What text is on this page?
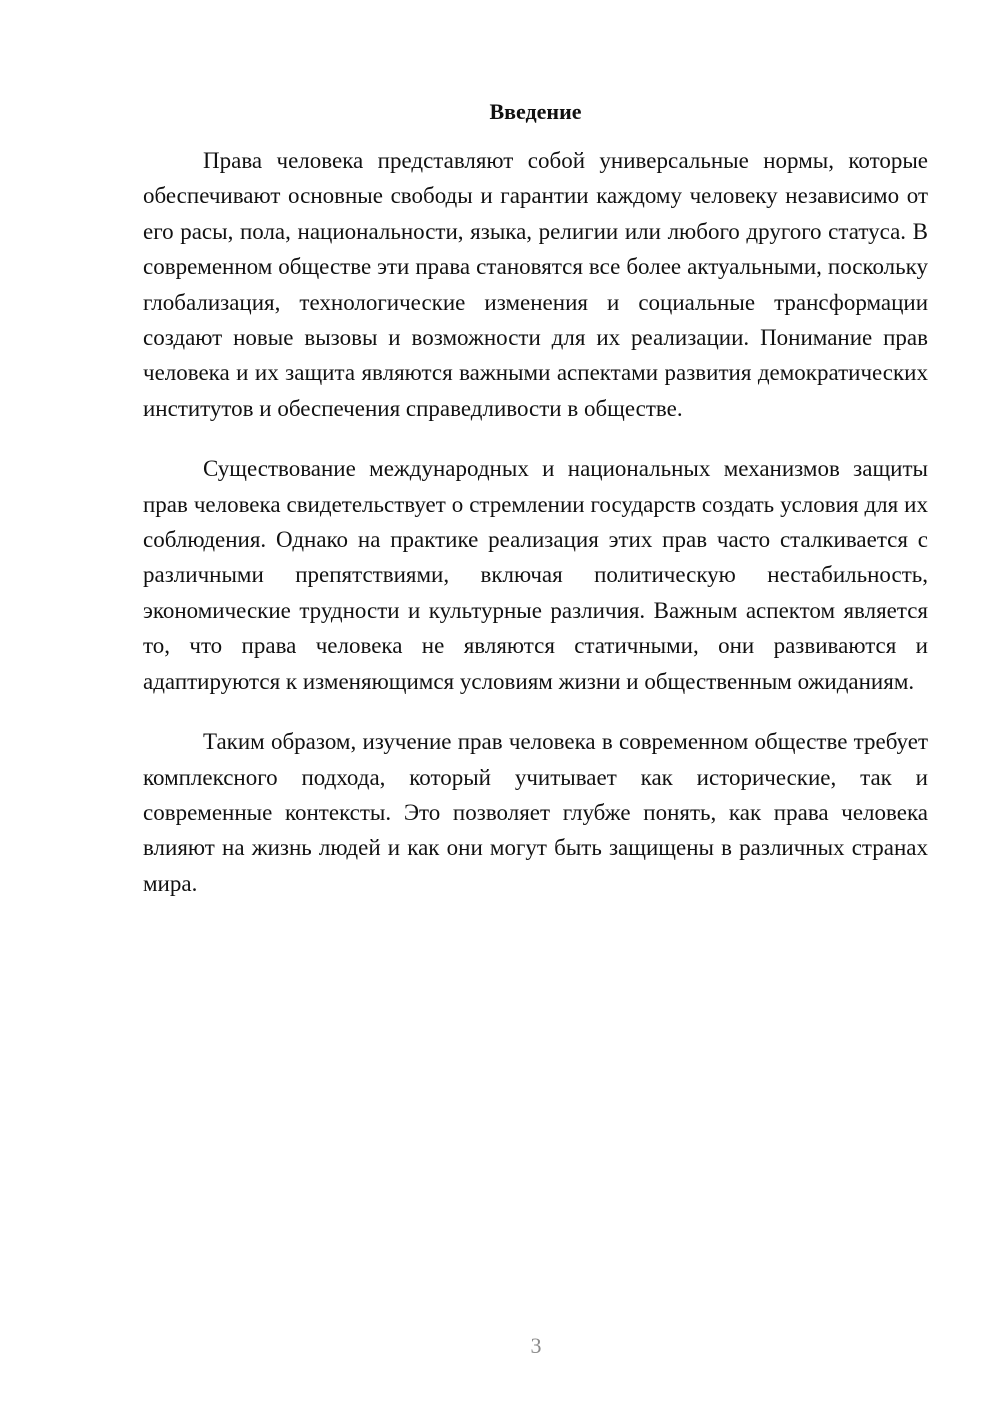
Введение

Права человека представляют собой универсальные нормы, которые обеспечивают основные свободы и гарантии каждому человеку независимо от его расы, пола, национальности, языка, религии или любого другого статуса. В современном обществе эти права становятся все более актуальными, поскольку глобализация, технологические изменения и социальные трансформации создают новые вызовы и возможности для их реализации. Понимание прав человека и их защита являются важными аспектами развития демократических институтов и обеспечения справедливости в обществе.

Существование международных и национальных механизмов защиты прав человека свидетельствует о стремлении государств создать условия для их соблюдения. Однако на практике реализация этих прав часто сталкивается с различными препятствиями, включая политическую нестабильность, экономические трудности и культурные различия. Важным аспектом является то, что права человека не являются статичными, они развиваются и адаптируются к изменяющимся условиям жизни и общественным ожиданиям.

Таким образом, изучение прав человека в современном обществе требует комплексного подхода, который учитывает как исторические, так и современные контексты. Это позволяет глубже понять, как права человека влияют на жизнь людей и как они могут быть защищены в различных странах мира.

3
